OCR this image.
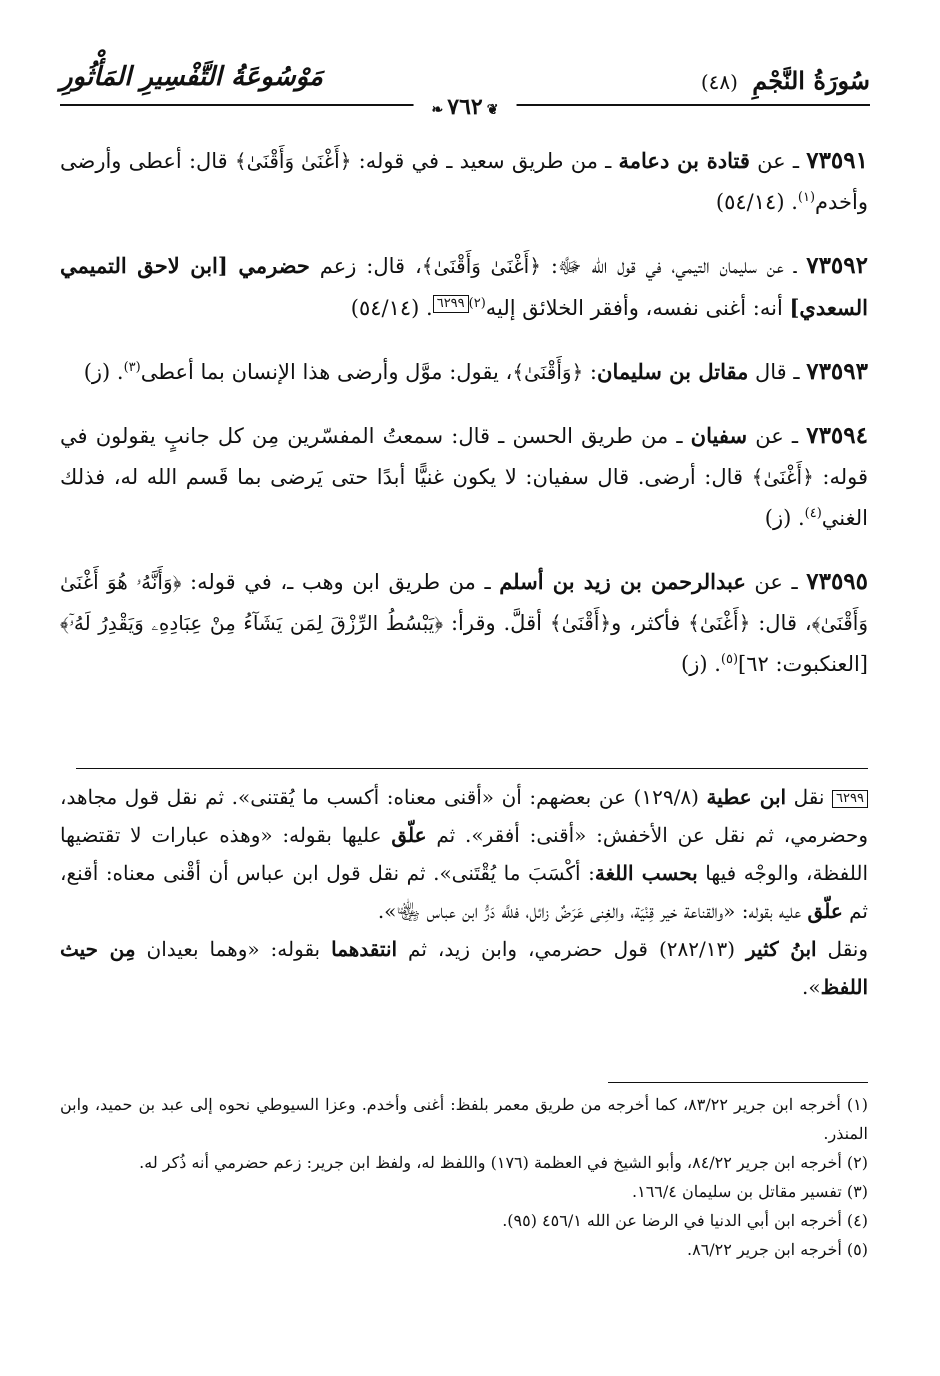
سُورَةُ النَّجْمِ (٤٨)
مَوْسُوعَةُ التَّفْسِيرِ المَأْثُورِ
❦٧٦٢❧

٧٣٥٩١ ـ عن قتادة بن دعامة ـ من طريق سعيد ـ في قوله: ﴿أَغْنَىٰ وَأَقْنَىٰ﴾ قال: أعطى وأرضى وأخدم$^{(١)}$. (٥٤/١٤)

٧٣٥٩٢ ـ عن سليمان التيمي، في قول الله ﷻ: ﴿أَغْنَىٰ وَأَقْنَىٰ﴾، قال: زعم حضرمي [ابن لاحق التميمي السعدي] أنه: أغنى نفسه، وأفقر الخلائق إليه$^{(٢)}$٦٢٩٩. (٥٤/١٤)

٧٣٥٩٣ ـ قال مقاتل بن سليمان: ﴿وَأَقْنَىٰ﴾، يقول: موَّل وأرضى هذا الإنسان بما أعطى$^{(٣)}$. (ز)

٧٣٥٩٤ ـ عن سفيان ـ من طريق الحسن ـ قال: سمعتُ المفسّرين مِن كل جانبٍ يقولون في قوله: ﴿أَغْنَىٰ﴾ قال: أرضى. قال سفيان: لا يكون غنيًّا أبدًا حتى يَرضى بما قَسم الله له، فذلك الغني$^{(٤)}$. (ز)

٧٣٥٩٥ ـ عن عبدالرحمن بن زيد بن أسلم ـ من طريق ابن وهب ـ، في قوله: ﴿وَأَنَّهُۥ هُوَ أَغْنَىٰ وَأَقْنَىٰ﴾، قال: ﴿أَغْنَىٰ﴾ فأكثر، و﴿أَقْنَىٰ﴾ أقلَّ. وقرأ: ﴿يَبْسُطُ الرِّزْقَ لِمَن يَشَآءُ مِنْ عِبَادِهِۦ وَيَقْدِرُ لَهُۥٓ﴾ [العنكبوت: ٦٢]$^{(٥)}$. (ز)

٦٢٩٩ نقل ابن عطية (١٢٩/٨) عن بعضهم: أن «أقنى معناه: أكسب ما يُقتنى». ثم نقل قول مجاهد، وحضرمي، ثم نقل عن الأخفش: «أقنى: أفقر». ثم علّق عليها بقوله: «وهذه عبارات لا تقتضيها اللفظة، والوجْه فيها بحسب اللغة: أكْسَبَ ما يُقْتَنى». ثم نقل قول ابن عباس أن أقْنى معناه: أقنع، ثم علّق عليه بقوله: «والقناعة خير قِنْيَة، والغِنى عَرَضٌ زائل، فللَّه دَرُّ ابن عباس ﵄».
ونقل ابنُ كثير (٢٨٢/١٣) قول حضرمي، وابن زيد، ثم انتقدهما بقوله: «وهما بعيدان مِن حيث اللفظ».

(١) أخرجه ابن جرير ٨٣/٢٢، كما أخرجه من طريق معمر بلفظ: أغنى وأخدم. وعزا السيوطي نحوه إلى عبد بن حميد، وابن المنذر.

(٢) أخرجه ابن جرير ٨٤/٢٢، وأبو الشيخ في العظمة (١٧٦) واللفظ له، ولفظ ابن جرير: زعم حضرمي أنه ذُكر له.

(٣) تفسير مقاتل بن سليمان ١٦٦/٤.

(٤) أخرجه ابن أبي الدنيا في الرضا عن الله ٤٥٦/١ (٩٥).

(٥) أخرجه ابن جرير ٨٦/٢٢.
